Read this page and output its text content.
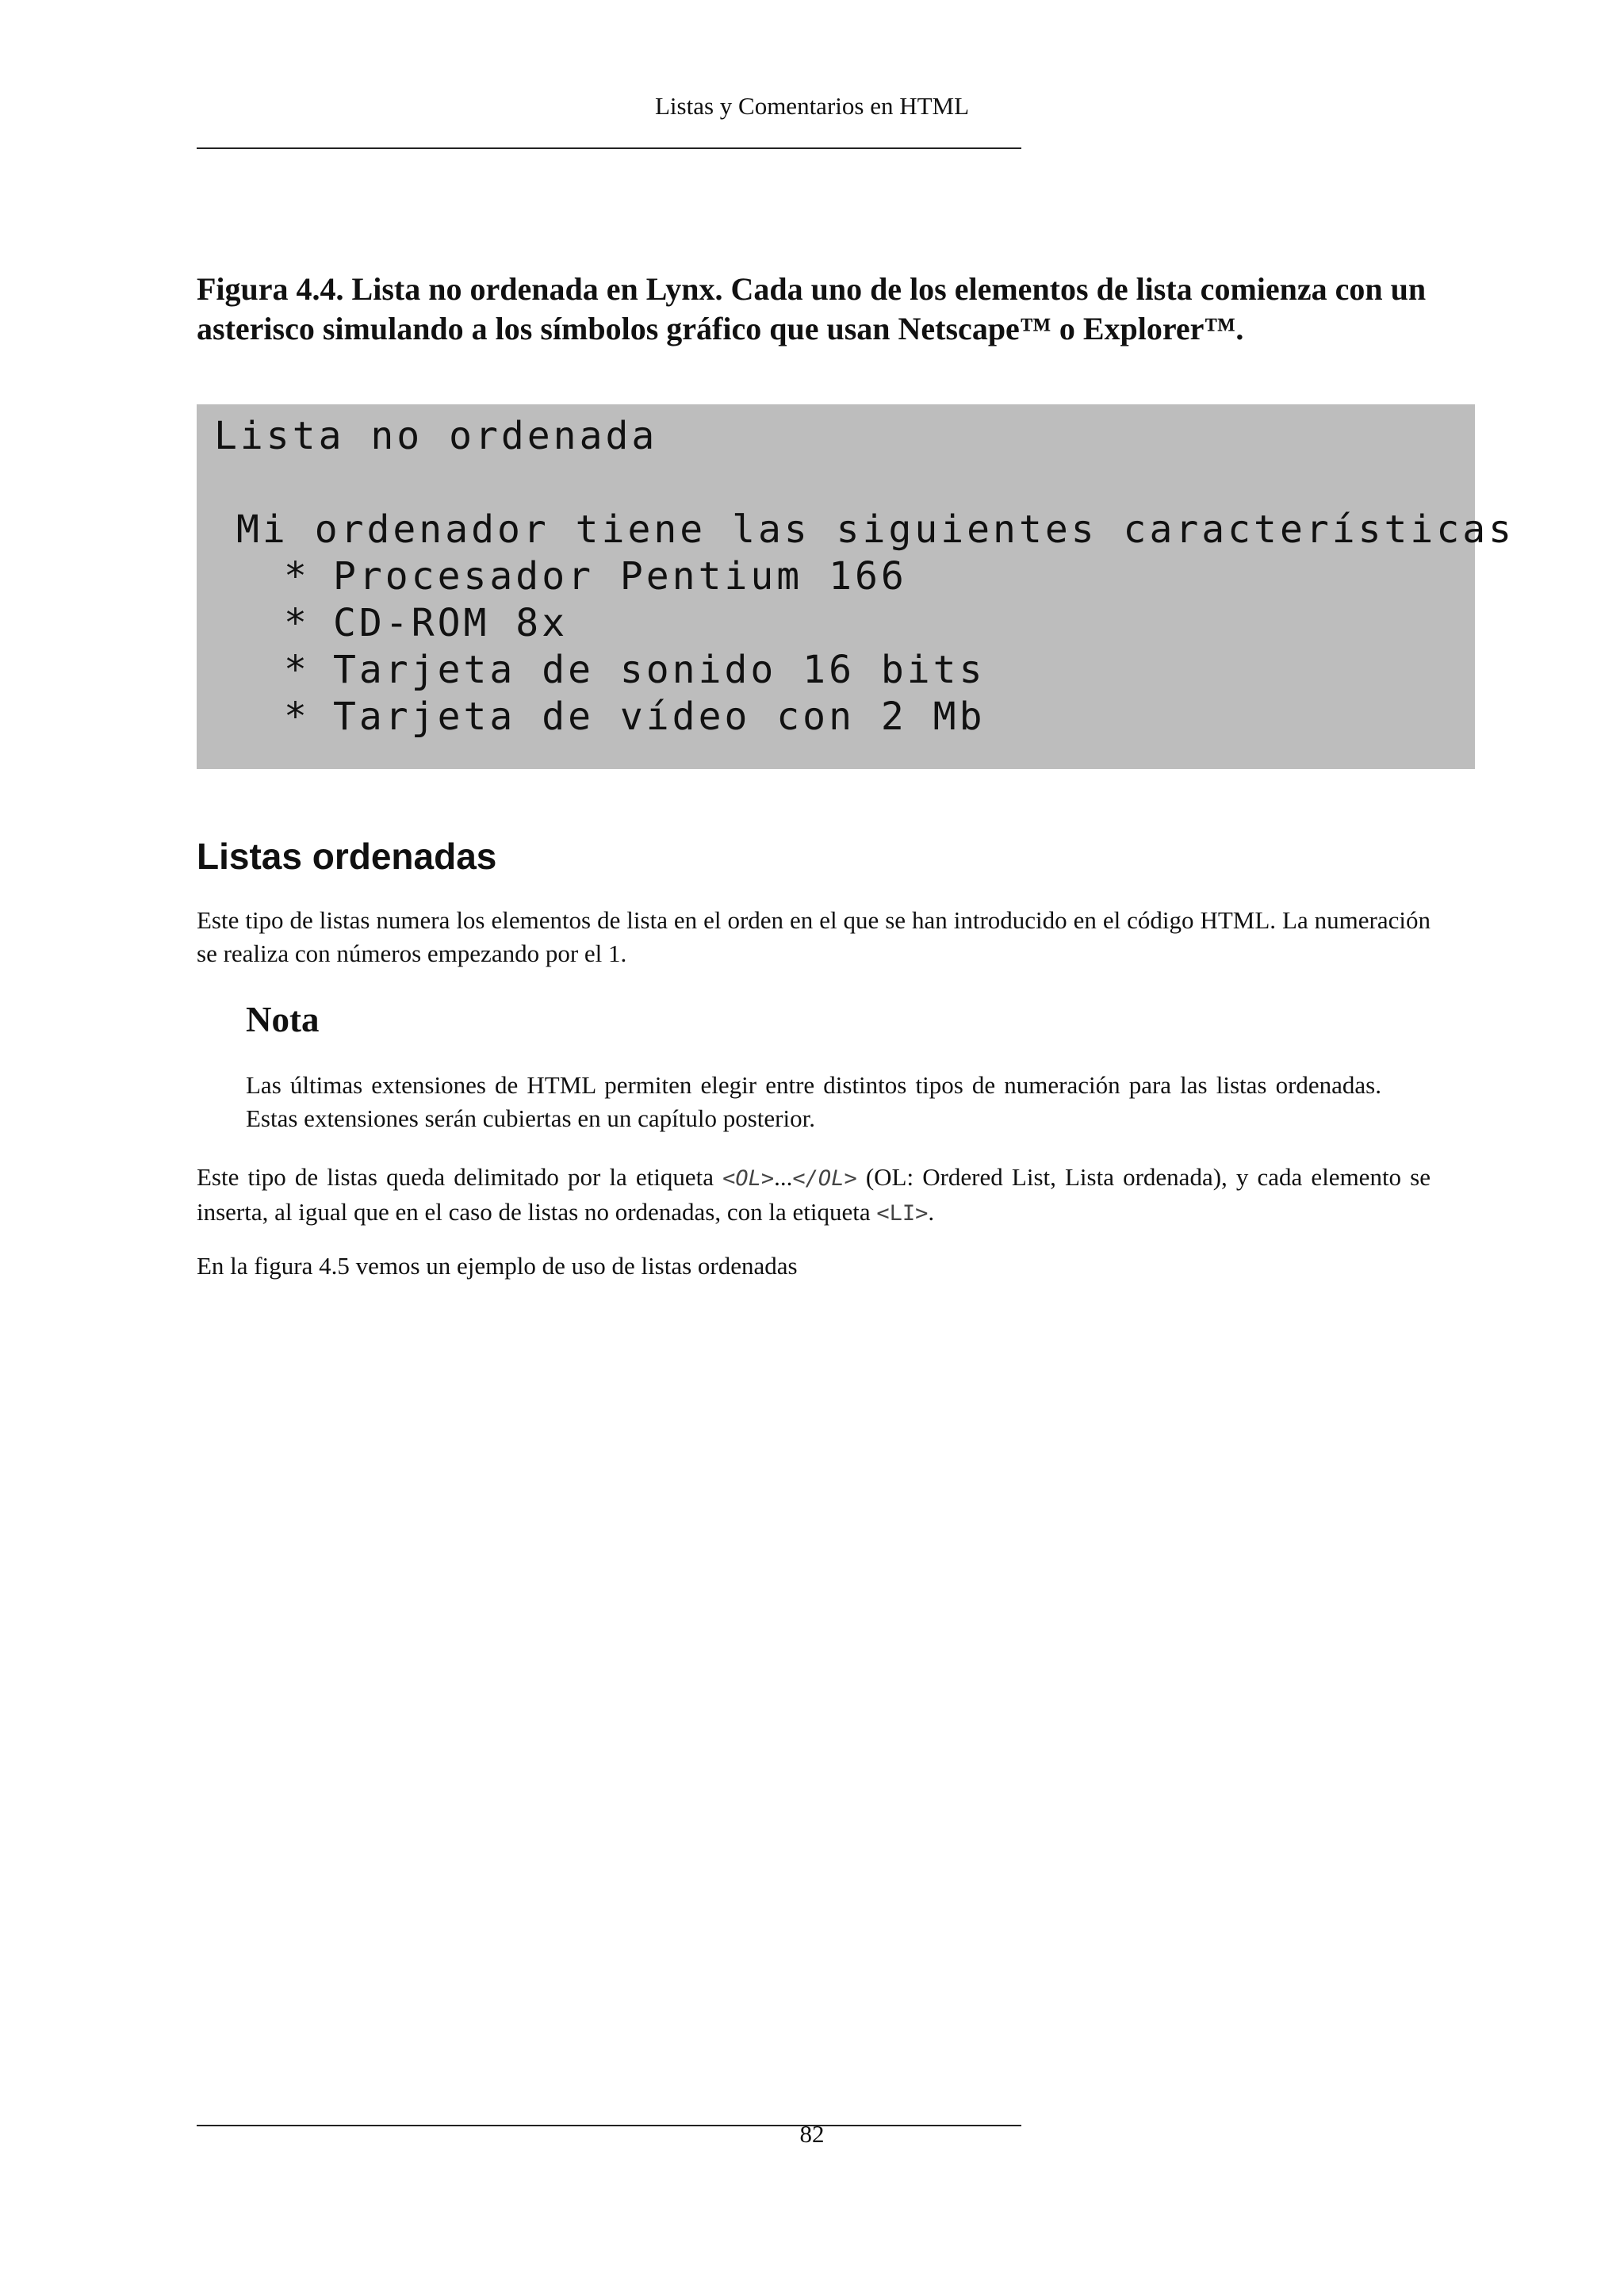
Listas y Comentarios en HTML
Figura 4.4. Lista no ordenada en Lynx. Cada uno de los elementos de lista comienza con un asterisco simulando a los símbolos gráfico que usan Netscape™ o Explorer™.
Lista no ordenada
Mi ordenador tiene las siguientes características
* Procesador Pentium 166
* CD-ROM 8x
* Tarjeta de sonido 16 bits
* Tarjeta de vídeo con 2 Mb
Listas ordenadas
Este tipo de listas numera los elementos de lista en el orden en el que se han introducido en el código HTML. La numeración se realiza con números empezando por el 1.
Nota
Las últimas extensiones de HTML permiten elegir entre distintos tipos de numeración para las listas ordenadas. Estas extensiones serán cubiertas en un capítulo posterior.
Este tipo de listas queda delimitado por la etiqueta <OL>...</OL> (OL: Ordered List, Lista ordenada), y cada elemento se inserta, al igual que en el caso de listas no ordenadas, con la etiqueta <LI>.
En la figura 4.5 vemos un ejemplo de uso de listas ordenadas
82
